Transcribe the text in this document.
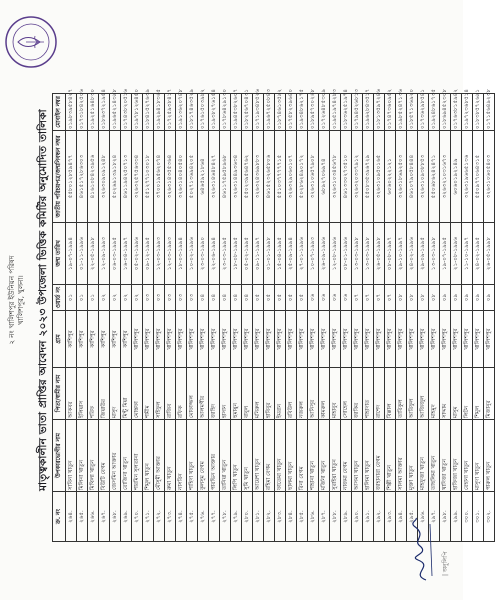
২ নং খালিশপুর ইউনিয়ন পরিষদ খালিশপুর, খুলনা। মাতৃত্বকালীন ভাতা প্রাপ্তির আবেদন ২০২৩ উপজেলা ভিত্তিক কমিটির অনুমোদিত তালিকা
ক্র. নং
উপকারভোগীর নাম
পিতা/স্বামীর নাম
গ্রাম
ওয়ার্ড নং
জন্ম তারিখ
জাতীয় পরিচয়পত্র/জন্মনিবন্ধন নম্বর
মোবাইল নম্বর
২৬৪.
সাবিনা খাতুন
আকবর
কাশিপুর
০১
১৯-০৭-১৯৯৪
৫৫৮০১২৮৫৯৪৭৭
০১৯৮৩৯৫৮৪২৭
২৬৫.
মিলিনা খাতুন
ইলিয়াস
কাশিপুর
০১
০১-১১-১৯৯৬
৪৬১৫১৭২৮৬৩০৩
০১৭৩১৮৪২৫০৬
২৬৬.
মিথিলা খাতুন
শরিফ
কাশিপুর
০১
২২-০৫-১৯৯৮
৪১৬১০৮৪২৩৯৫৬
০১৯২৫১৬৪৮৩০
২৬৭.
বিউটি বেগম
জিয়াউর
কাশিপুর
০২
১২-০৯-১৯৯৩
৩২৬৩০৯০৯১২৪৮
০১৮৬৩৭২১৯৫৪
২৬৮.
জেসমিন আক্তার
মাসুদ
কাশিপুর
০২
০৬-০৩-১৯৯৫
৫০২৬৯১৩৯১৮২৪
০১৯৬৫২১৪৩৯৮
২৬৯.
রোজিনা খাতুন
মিন্টু মিয়া
কাশিপুর
০২
১৬-০৪-১৯৯৭
৪৬১১৯৪২৫০৭১৩
০১৭৪৩৮২০৫১৬
২৭০.
শারমিন সুলতানা
মোস্তফা
খালিশপুর
০২
০৫-০২-১৯৯৬
৩২৬৩২৫৭৫৬৩৩৪
০১৯৭৮১২৬৪৫০
২৭১.
শিমুল খাতুন
শামীম
খালিশপুর
০৩
০৯-১২-১৯৯৫
৫৫১২৭৭১০৩০১৮
০১৮৪১৫২৭৬৩৯
২৭২.
মৌসুমী আক্তার
সাইফুল
খালিশপুর
০৩
১২-০৩-১৯৯৩
৩৭০০১৯৫৬২০৭৪
০১৯২৯৪১৮৩৬৫
২৭৩.
রুমা খাতুন
রাজিব
খালিশপুর
০৩
১২-০৩-১৯৯৩
৩২৬৩১৪৩৫৫৩৬৪
০১৭২৫৯৩৮৪১৭
২৭৪.
নাসরিন
রফিক
খালিশপুর
০৩
১৮-০৩-১৯৯৪
৩২৬৩১৪০৪০৫৪০
০১৯১৩৬২০৭৪৮
২৭৫.
শাহিদা খাতুন
মোফাজ্জল
খালিশপুর
০৩
১০-০২-১৯৯৬
৫০২৭১৩৬৯৪২০৫
০১৮১৭৪৬৩৫২৯
২৭৬.
কুলসুম বেগম
আলমগীর
খালিশপুর
০৪
২৩-০৩-১৯৯০
৬৪৬৫৯২১৮৬৪
০১৭৬১৫০৩৯৮২
২৭৭.
পারভিন আক্তার
জাহিদ
খালিশপুর
০৪
২২-০৬-১৯৯৪
৩২৬৩১৪৬৪৮৪২৭
০১৯৩৮২৭৬১৫৪
২৭৮.
তানিয়া খাতুন
হাসান
খালিশপুর
০৪
২৩-০৩-১৯৯৫
৪৬১১৭৫৯৫৮৯৬৮
০১৭৮৬৪২৯১৩০
২৭৯.
লিপি খাতুন
হুমায়ুন
খালিশপুর
০৪
১৮-০৮-১৯৯৫
৩২৬৩১৪৪৯৩৬৩৪
০১৯৪৫৩৮২৬০৭
২৮০.
সুমি খাতুন
বাবুল
খালিশপুর
০৪
০৫-০২-১৯৯৫
৫৫০২৩৯৫৬৪৭৬২
০১৮২৫৬৭০৪৩১
২৮১.
আয়েশা খাতুন
মনিরুল
খালিশপুর
০৫
০৯-১১-১৯৯৭
৩২৬৩২৪৩৬৯৮৮৩
০১৭১৯৩৪৮৫২৬
২৮২.
রহিমা বেগম
হাবিবুর
খালিশপুর
০৫
০১-০১-১৯৯৮
৪৬১৫২৩২৬৫৮০৬
০১৯৬৭২৫০৮৪৩
২৮৩.
ফাতেমা খাতুন
ইমরান
খালিশপুর
০৫
১৫-০৪-১৯৯৫
৫৫১০৩৭৭৭৭৭১৫
০১৮৭৪৬১৩৫৯২
২৮৪.
ছালমা খাতুন
রবিউল
খালিশপুর
০৫
২৫-০৯-১৯৯৪
৩২৬৩২৯০৬০১০৭
০১৭৫৮২৩৯৬৪০
২৮৫.
রিনা বেগম
নজরুল
খালিশপুর
০৫
২৭-০১-১৯৯৬
৫০২৮৬২৪৯০১৭২
০১৯৩৪৮৬২১৭৫
২৮৬.
শাহানা খাতুন
আনিসুর
খালিশপুর
০৬
১০-০৭-১৯৯৩
৩২৬৩১০৬৫৭৯০৮
০১৮৯৫৭৩০২৬৮
২৮৭.
মর্জিনা খাতুন
কামরুল
খালিশপুর
০৬
২৬-০৯-১৯৯৬
৬৮৯২৭০৬৯৭৪
০১৭২৬৪৮৫৩০৯
২৮৮.
সুরাইয়া খাতুন
মাহাবুব
খালিশপুর
০৬
১২-০৮-১৯৯৬
৩২৬৩১০৩৪৫৬৭৮
০১৯৫১৯৭৪২৮৩
২৮৯.
নাজমা বেগম
সোহেল
খালিশপুর
০৬
০৮-০১-১৯৯৬
৪৬১৩৩০২৭৩৫১০
০১৮৩৬২৫১৯৭৪
২৯০.
আসমা খাতুন
জাকির
খালিশপুর
০৭
১৩-০৩-১৯৯৮
৩২৬৩২০৩৩৭৯১২
০১৭৯৪৫২৬৮১৩
২৯১.
হালিমা খাতুন
শাহাদাত
খালিশপুর
০৭
১৩-০৩-১৯৯৮
৫৫০৮৩৫৩৯৬৭২৯
০১৯৬২৮৪৩৫১৭
২৯২.
জাহানারা বেগম
রাশেদ
খালিশপুর
০৭
২৬-০৫-১৯৯৮
৩২৬৩১০৯৫০১৬৫
০১৮১৩৫৯৭২৪৬
২৯৩.
শিল্পী খাতুন
বিল্লাল
খালিশপুর
০৭
০৮-০৮-১৯৯৭
৬০৬০২২২১২১
০১৭৪৭৩৬০৯৫২
২৯৪.
সালমা আক্তার
তারিকুল
খালিশপুর
০৮
২৯-১০-১৯৯৭
৩২৬৩১৮৬৯২৫০৩
০১৯৮৫২৪৭১৩৬
২৯৫.
মুক্তা খাতুন
আরিফুল
খালিশপুর
০৮
২৪-০২-১৯৯৬
৪৬১০৭৯০৫৮৪৪৪
০১৮৫৭১৩৬৯২০
২৯৬.
মাহফুজা খাতুন
আজিজুল
খালিশপুর
০৮
২৯-০৯-১৯৯৫
৩২৬৩১০৯৩৮৮৫৩
০১৭৩৬২৯৮৫৪১
২৯৭.
তাছলিমা খাতুন
মাহমুদ
খালিশপুর
০৮
১৩-০৩-১৯৯৮
৫৫০৬৮৬২৪২৪৭১
০১৯২৪৮৬১৭৩৫
২৯৮.
খাদিজা খাতুন
সাদ্দাম
খালিশপুর
০৯
১৯-০৭-১৯৯৫
৩২৬৩২১০৩১৬৭৩
০১৮৬৯৪৫২৩০৮
২৯৯.
হাফিজা খাতুন
মাসুম
খালিশপুর
০৯
২১-০৮-১৯৯৬
৬০৬০১৯২১৪৯
০১৭৬৩৮১৫৯৪২
৩০০.
রেহানা খাতুন
লিটন
খালিশপুর
০৯
১১-১০-১৯৯৭
৩২৬৩১৯৬৬৫১৩৬
০১৯৭২৩৬৮৫১৪
৩০১.
মাসুদা খাতুন
শিমুল
খালিশপুর
০৯
২৪-০২-১৯৯৫
৫৫০৯৭৭০৬৪৩১৫
০১৮৩৮৫৭২৬৯১
৩০২.
পারুল খাতুন
মিজানুর
খালিশপুর
০৯
২৬-০৫-১৯৯৮
৩২৬৩১০৬০৫৪০৩
০১৭১৫৬৪৯২৩৮
| অনুলিপি
